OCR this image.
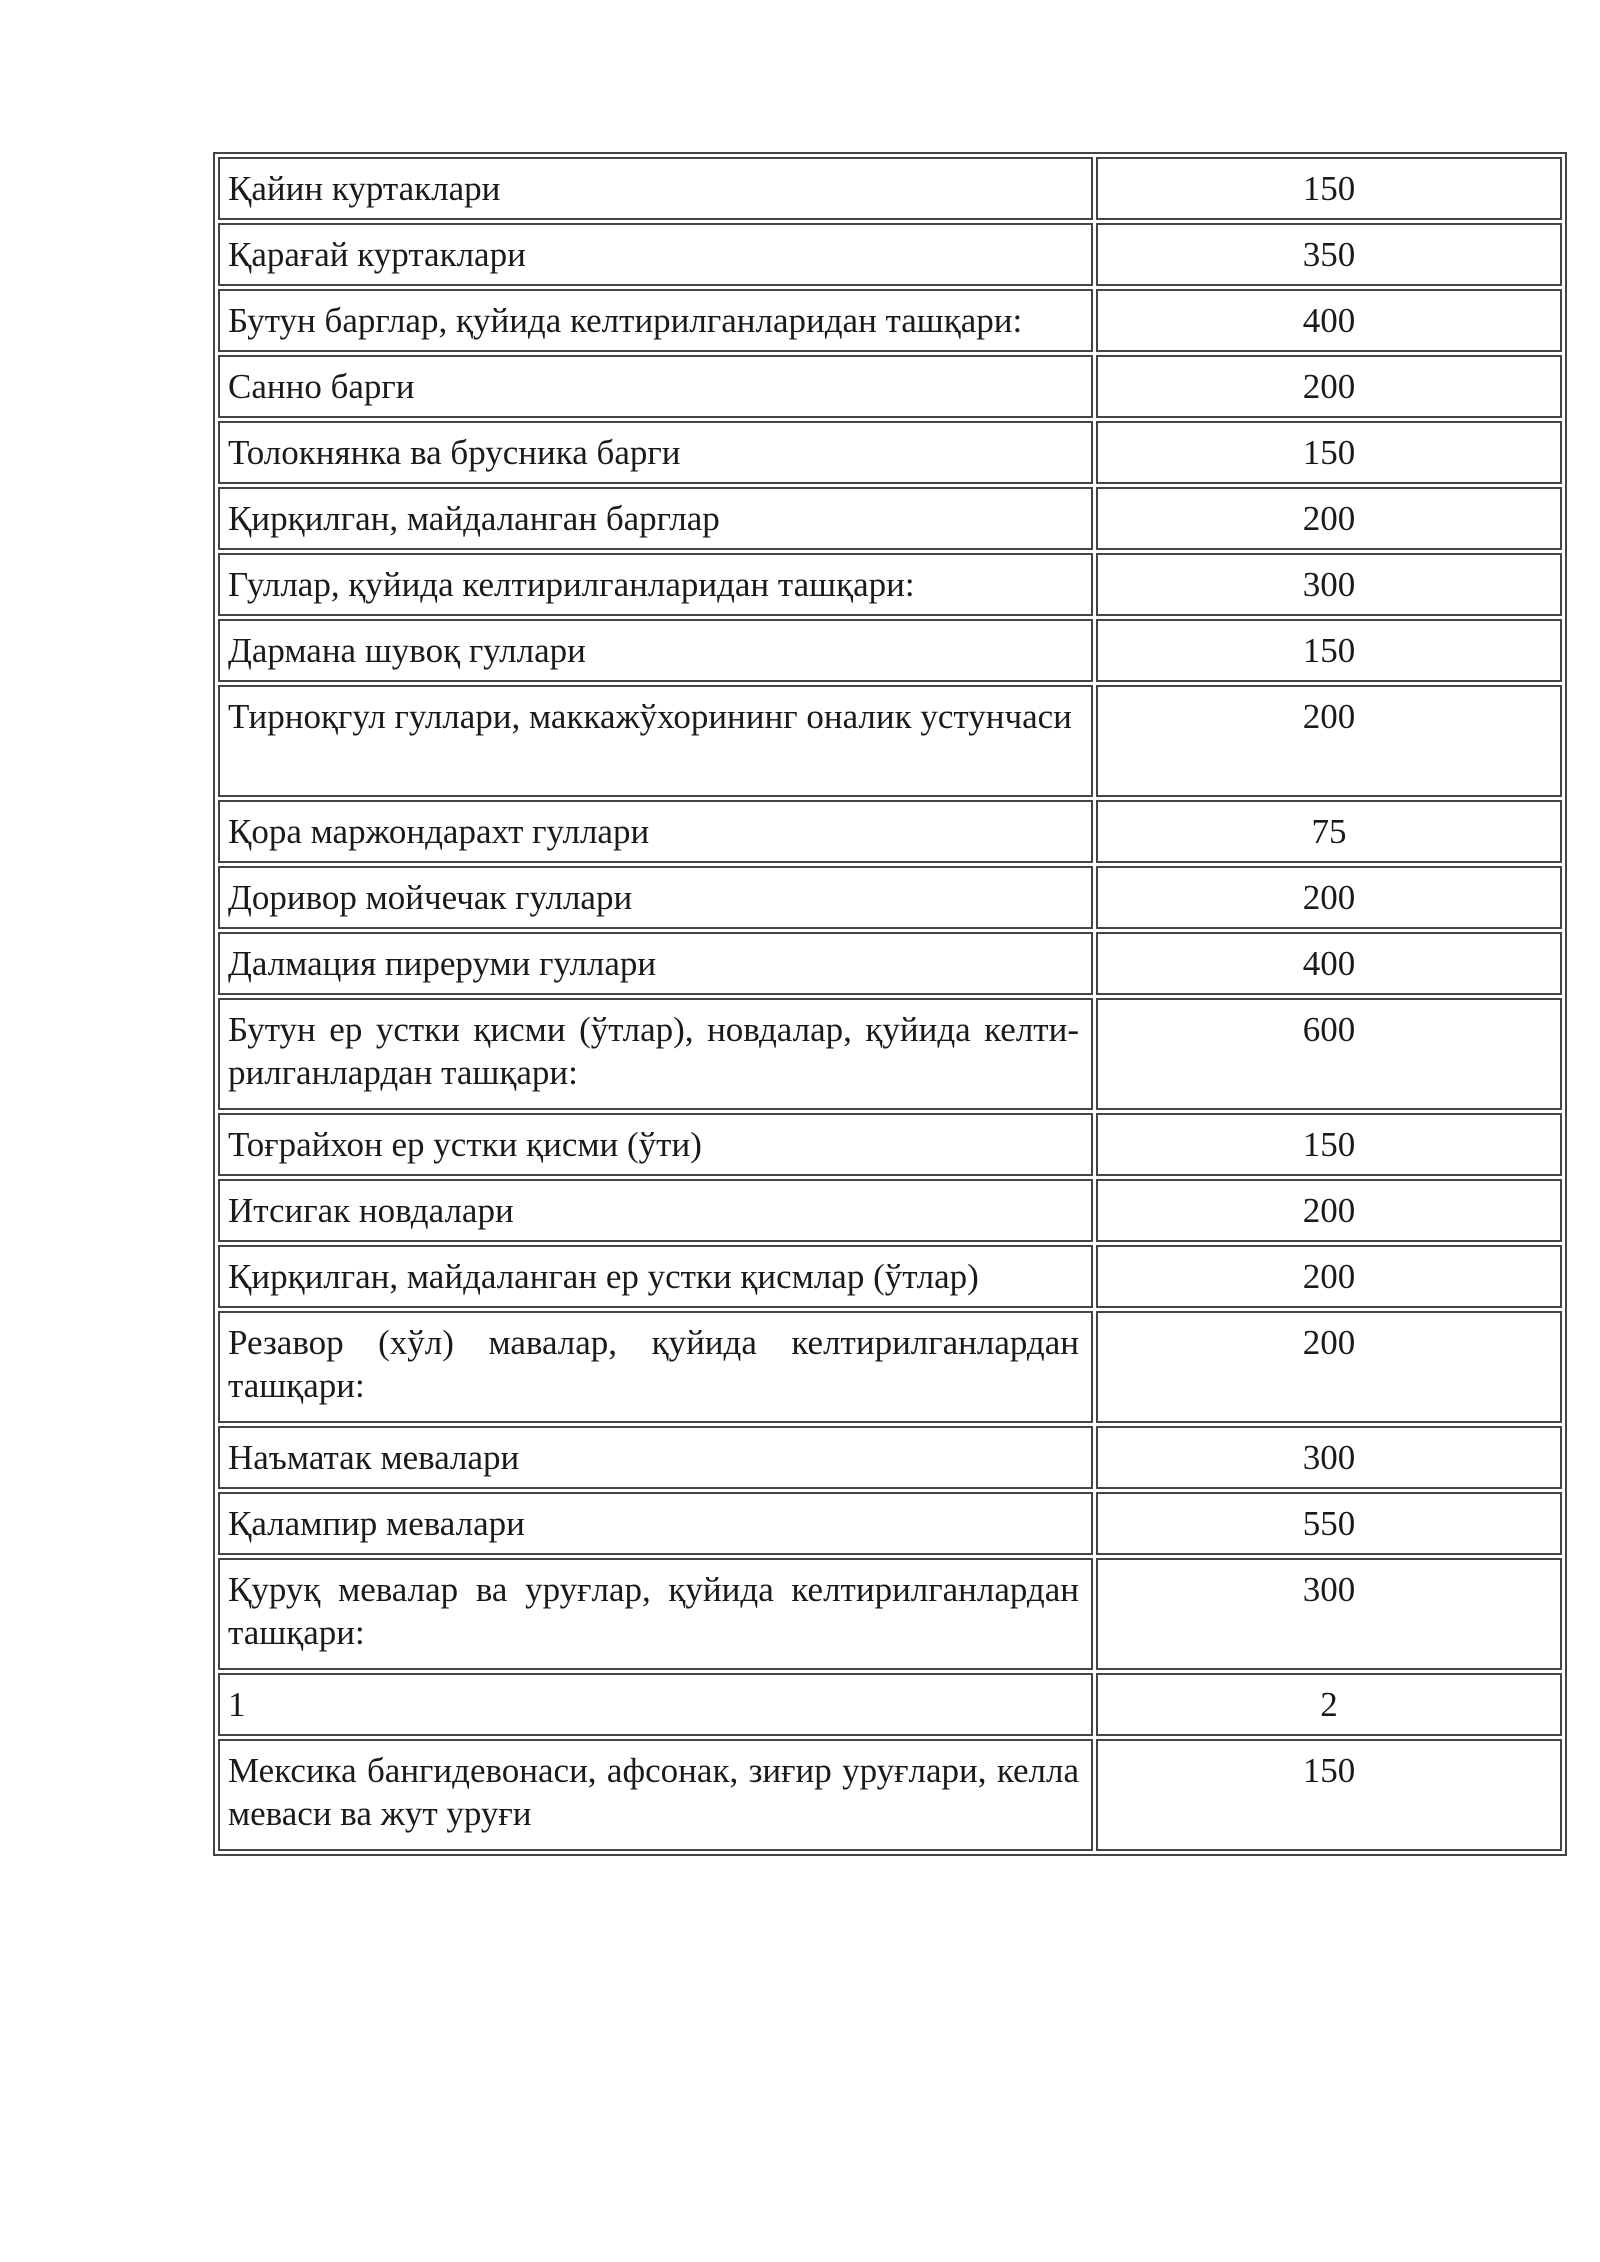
Қайин куртаклари	150
Қарағай куртаклари	350
Бутун барглар, қуйида келтирилганларидан ташқари:	400
Санно барги	200
Толокнянка ва брусника барги	150
Қирқилган, майдаланган барглар	200
Гуллар, қуйида келтирилганларидан ташқари:	300
Дармана шувоқ гуллари	150
Тирноқгул гуллари, маккажўхорининг оналик устунчаси	200
Қора маржондарахт гуллари	75
Доривор мойчечак гуллари	200
Далмация пиреруми гуллари	400
Бутун ер устки қисми (ўтлар), новдалар, қуйида келти- рилганлардан ташқари:	600
Тоғрайхон ер устки қисми (ўти)	150
Итсигак новдалари	200
Қирқилган, майдаланган ер устки қисмлар (ўтлар)	200
Резавор (хўл) мавалар, қуйида келтирилганлардан ташқари:	200
Наъматак мевалари	300
Қалампир мевалари	550
Қуруқ мевалар ва уруғлар, қуйида келтирилганлардан ташқари:	300
1	2
Мексика бангидевонаси, афсонак, зиғир уруғлари, келла меваси ва жут уруғи	150
